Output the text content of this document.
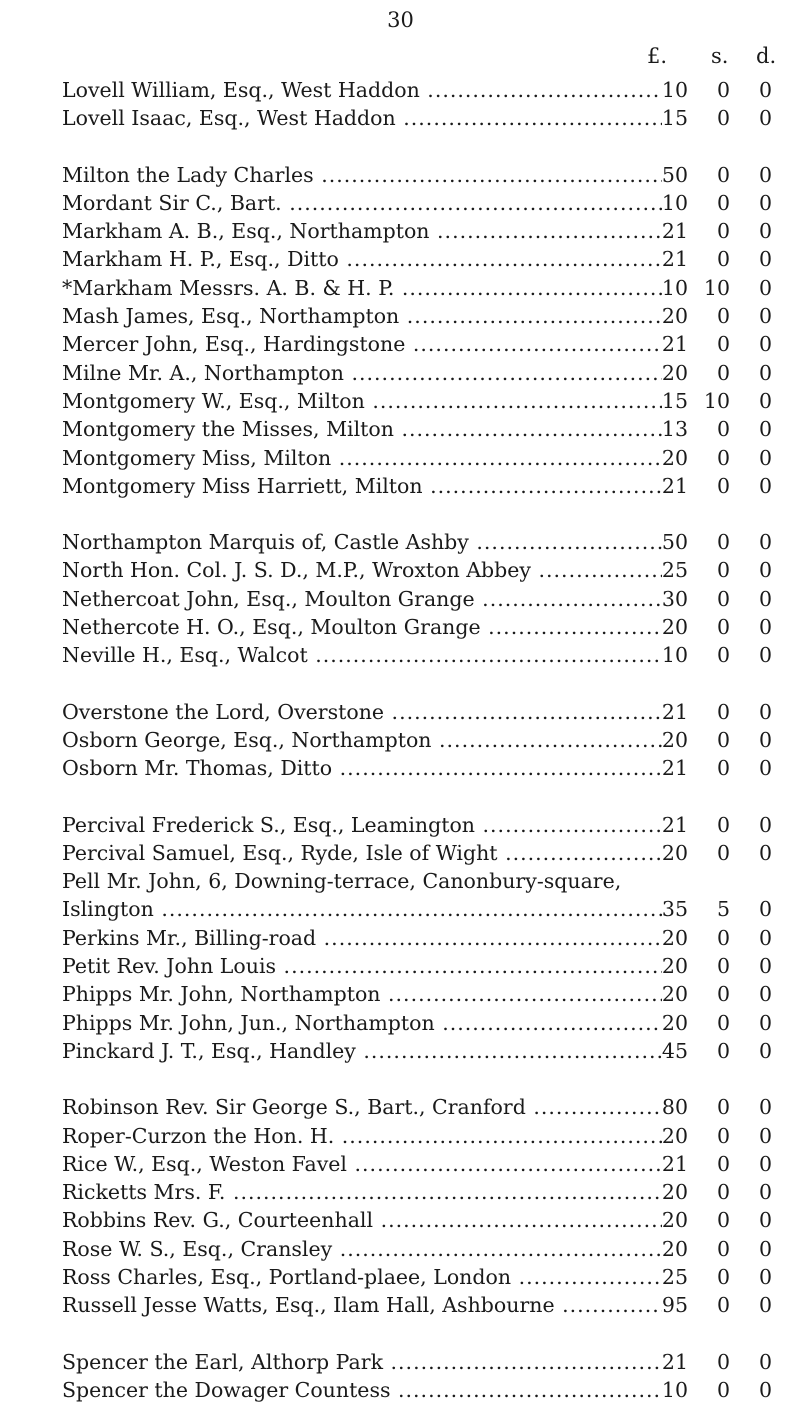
30
£. s. d.
Lovell William, Esq., West Haddon .....	10	0	0
Lovell Isaac, Esq., West Haddon .....	15	0	0
Milton the Lady Charles .....	50	0	0
Mordant Sir C., Bart. .....	10	0	0
Markham A. B., Esq., Northampton .....	21	0	0
Markham H. P., Esq., Ditto .....	21	0	0
*Markham Messrs. A. B. & H. P. .....	10 10	0
Mash James, Esq., Northampton .....	20	0	0
Mercer John, Esq., Hardingstone .....	21	0	0
Milne Mr. A., Northampton .....	20	0	0
Montgomery W., Esq., Milton .....	15 10	0
Montgomery the Misses, Milton .....	13	0	0
Montgomery Miss, Milton .....	20	0	0
Montgomery Miss Harriett, Milton .....	21	0	0
Northampton Marquis of, Castle Ashby .....	50	0	0
North Hon. Col. J. S. D., M.P., Wroxton Abbey .....	25	0	0
Nethercoat John, Esq., Moulton Grange .....	30	0	0
Nethercote H. O., Esq., Moulton Grange .....	20	0	0
Neville H., Esq., Walcot .....	10	0	0
Overstone the Lord, Overstone .....	21	0	0
Osborn George, Esq., Northampton .....	20	0	0
Osborn Mr. Thomas, Ditto .....	21	0	0
Percival Frederick S., Esq., Leamington .....	21	0	0
Percival Samuel, Esq., Ryde, Isle of Wight .....	20	0	0
Pell Mr. John, 6, Downing-terrace, Canonbury-square,
Islington .....	35	5	0
Perkins Mr., Billing-road .....	20	0	0
Petit Rev. John Louis .....	20	0	0
Phipps Mr. John, Northampton .....	20	0	0
Phipps Mr. John, Jun., Northampton .....	20	0	0
Pinckard J. T., Esq., Handley .....	45	0	0
Robinson Rev. Sir George S., Bart., Cranford .....	80	0	0
Roper-Curzon the Hon. H. .....	20	0	0
Rice W., Esq., Weston Favel .....	21	0	0
Ricketts Mrs. F. .....	20	0	0
Robbins Rev. G., Courteenhall .....	20	0	0
Rose W. S., Esq., Cransley .....	20	0	0
Ross Charles, Esq., Portland-plaee, London .....	25	0	0
Russell Jesse Watts, Esq., Ilam Hall, Ashbourne .....	95	0	0
Spencer the Earl, Althorp Park .....	21	0	0
Spencer the Dowager Countess .....	10	0	0
